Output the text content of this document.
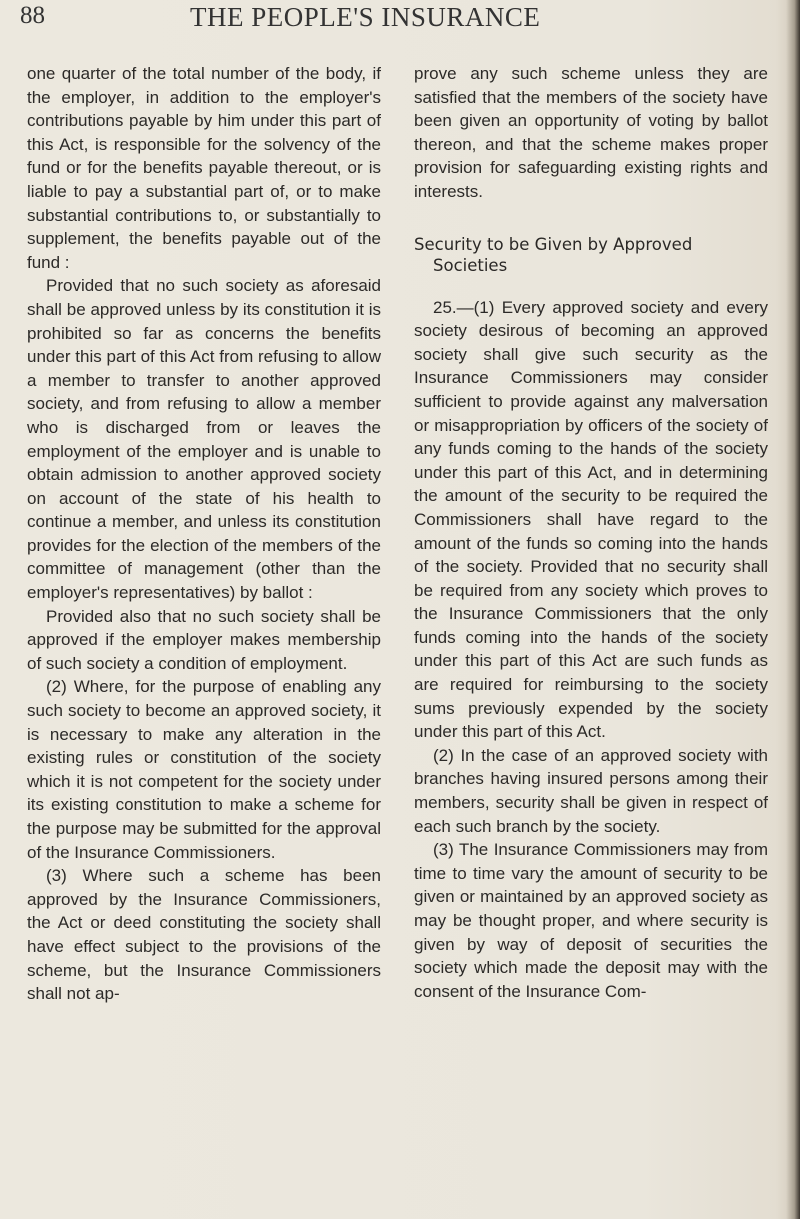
88	THE PEOPLE'S INSURANCE

one quarter of the total number of the body, if the employer, in addition to the employer's contributions payable by him under this part of this Act, is responsible for the solvency of the fund or for the benefits payable thereout, or is liable to pay a substantial part of, or to make substantial contributions to, or substantially to supplement, the benefits payable out of the fund :

Provided that no such society as aforesaid shall be approved unless by its constitution it is prohibited so far as concerns the benefits under this part of this Act from refusing to allow a member to transfer to another approved society, and from refusing to allow a member who is discharged from or leaves the employment of the employer and is unable to obtain admission to another approved society on account of the state of his health to continue a member, and unless its constitution provides for the election of the members of the committee of management (other than the employer's representatives) by ballot :

Provided also that no such society shall be approved if the employer makes membership of such society a condition of employment.

(2) Where, for the purpose of enabling any such society to become an approved society, it is necessary to make any alteration in the existing rules or constitution of the society which it is not competent for the society under its existing constitution to make a scheme for the purpose may be submitted for the approval of the Insurance Commissioners.

(3) Where such a scheme has been approved by the Insurance Commissioners, the Act or deed constituting the society shall have effect subject to the provisions of the scheme, but the Insurance Commissioners shall not ap-

prove any such scheme unless they are satisfied that the members of the society have been given an opportunity of voting by ballot thereon, and that the scheme makes proper provision for safeguarding existing rights and interests.

Security to be Given by Approved
Societies

25.—(1) Every approved society and every society desirous of becoming an approved society shall give such security as the Insurance Commissioners may consider sufficient to provide against any malversation or misappropriation by officers of the society of any funds coming to the hands of the society under this part of this Act, and in determining the amount of the security to be required the Commissioners shall have regard to the amount of the funds so coming into the hands of the society. Provided that no security shall be required from any society which proves to the Insurance Commissioners that the only funds coming into the hands of the society under this part of this Act are such funds as are required for reimbursing to the society sums previously expended by the society under this part of this Act.

(2) In the case of an approved society with branches having insured persons among their members, security shall be given in respect of each such branch by the society.

(3) The Insurance Commissioners may from time to time vary the amount of security to be given or maintained by an approved society as may be thought proper, and where security is given by way of deposit of securities the society which made the deposit may with the consent of the Insurance Com-
